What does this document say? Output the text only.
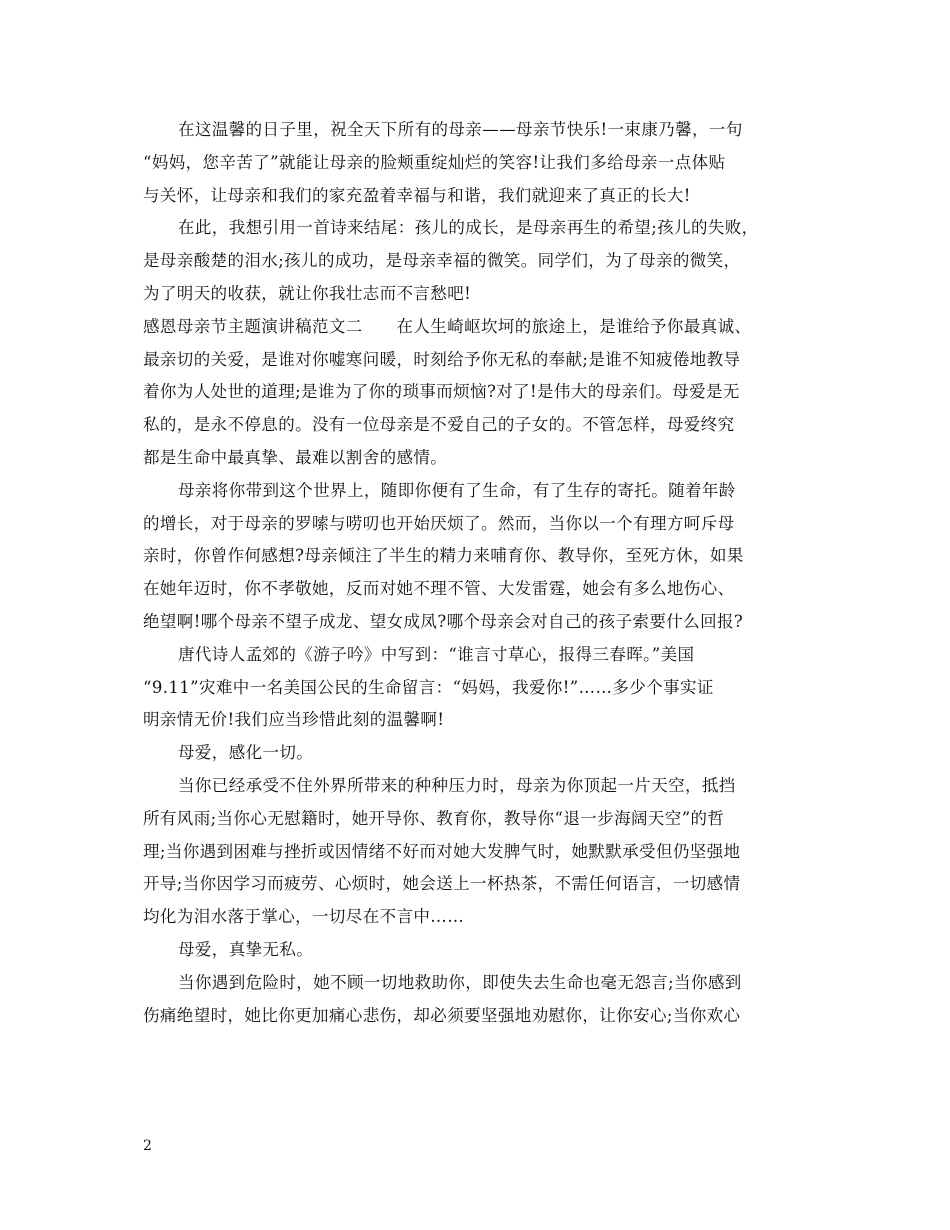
在这温馨的日子里，祝全天下所有的母亲——母亲节快乐!一束康乃馨，一句
“妈妈，您辛苦了”就能让母亲的脸颊重绽灿烂的笑容!让我们多给母亲一点体贴
与关怀，让母亲和我们的家充盈着幸福与和谐，我们就迎来了真正的长大!
在此，我想引用一首诗来结尾：孩儿的成长，是母亲再生的希望;孩儿的失败，
是母亲酸楚的泪水;孩儿的成功，是母亲幸福的微笑。同学们，为了母亲的微笑，
为了明天的收获，就让你我壮志而不言愁吧!
感恩母亲节主题演讲稿范文二　　在人生崎岖坎坷的旅途上，是谁给予你最真诚、
最亲切的关爱，是谁对你嘘寒问暖，时刻给予你无私的奉献;是谁不知疲倦地教导
着你为人处世的道理;是谁为了你的琐事而烦恼?对了!是伟大的母亲们。母爱是无
私的，是永不停息的。没有一位母亲是不爱自己的子女的。不管怎样，母爱终究
都是生命中最真挚、最难以割舍的感情。
母亲将你带到这个世界上，随即你便有了生命，有了生存的寄托。随着年龄
的增长，对于母亲的罗嗦与唠叨也开始厌烦了。然而，当你以一个有理方呵斥母
亲时，你曾作何感想?母亲倾注了半生的精力来哺育你、教导你，至死方休，如果
在她年迈时，你不孝敬她，反而对她不理不管、大发雷霆，她会有多么地伤心、
绝望啊!哪个母亲不望子成龙、望女成凤?哪个母亲会对自己的孩子索要什么回报?
唐代诗人孟郊的《游子吟》中写到：“谁言寸草心，报得三春晖。”美国
“9.11”灾难中一名美国公民的生命留言：“妈妈，我爱你!”……多少个事实证
明亲情无价!我们应当珍惜此刻的温馨啊!
母爱，感化一切。
当你已经承受不住外界所带来的种种压力时，母亲为你顶起一片天空，抵挡
所有风雨;当你心无慰籍时，她开导你、教育你，教导你“退一步海阔天空”的哲
理;当你遇到困难与挫折或因情绪不好而对她大发脾气时，她默默承受但仍坚强地
开导;当你因学习而疲劳、心烦时，她会送上一杯热茶，不需任何语言，一切感情
均化为泪水落于掌心，一切尽在不言中……
母爱，真挚无私。
当你遇到危险时，她不顾一切地救助你，即使失去生命也毫无怨言;当你感到
伤痛绝望时，她比你更加痛心悲伤，却必须要坚强地劝慰你，让你安心;当你欢心
2
